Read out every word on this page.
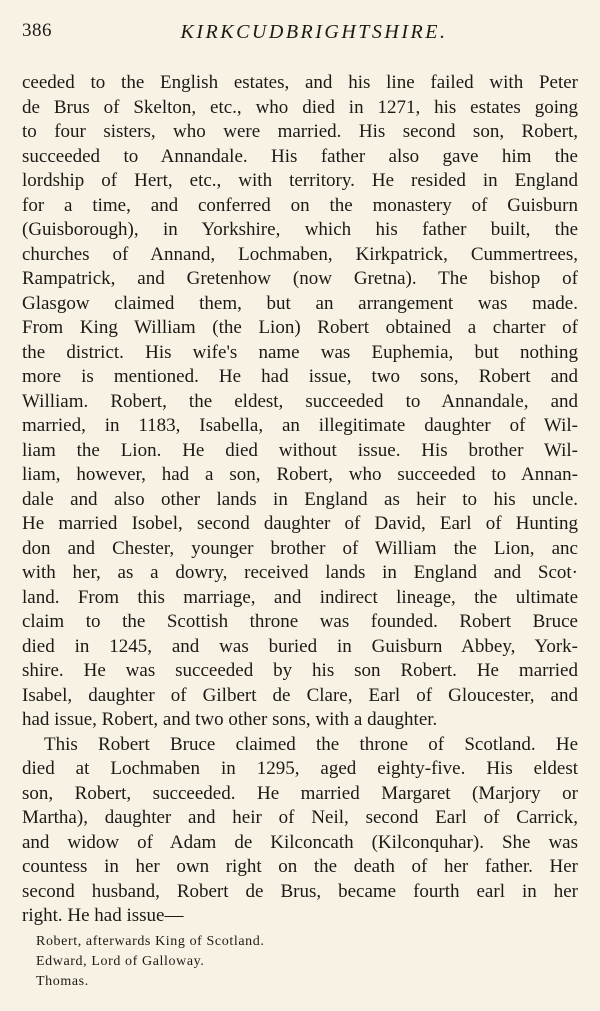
386	KIRKCUDBRIGHTSHIRE.
ceeded to the English estates, and his line failed with Peter
de Brus of Skelton, etc., who died in 1271, his estates going
to four sisters, who were married. His second son, Robert,
succeeded to Annandale. His father also gave him the
lordship of Hert, etc., with territory. He resided in England
for a time, and conferred on the monastery of Guisburn
(Guisborough), in Yorkshire, which his father built, the
churches of Annand, Lochmaben, Kirkpatrick, Cummertrees,
Rampatrick, and Gretenhow (now Gretna). The bishop of
Glasgow claimed them, but an arrangement was made.
From King William (the Lion) Robert obtained a charter of
the district. His wife's name was Euphemia, but nothing
more is mentioned. He had issue, two sons, Robert and
William. Robert, the eldest, succeeded to Annandale, and
married, in 1183, Isabella, an illegitimate daughter of Wil-
liam the Lion. He died without issue. His brother Wil-
liam, however, had a son, Robert, who succeeded to Annan-
dale and also other lands in England as heir to his uncle.
He married Isobel, second daughter of David, Earl of Hunting
don and Chester, younger brother of William the Lion, anc
with her, as a dowry, received lands in England and Scot·
land. From this marriage, and indirect lineage, the ultimate
claim to the Scottish throne was founded. Robert Bruce
died in 1245, and was buried in Guisburn Abbey, York-
shire. He was succeeded by his son Robert. He married
Isabel, daughter of Gilbert de Clare, Earl of Gloucester, and
had issue, Robert, and two other sons, with a daughter.
This Robert Bruce claimed the throne of Scotland. He
died at Lochmaben in 1295, aged eighty-five. His eldest
son, Robert, succeeded. He married Margaret (Marjory or
Martha), daughter and heir of Neil, second Earl of Carrick,
and widow of Adam de Kilconcath (Kilconquhar). She was
countess in her own right on the death of her father. Her
second husband, Robert de Brus, became fourth earl in her
right. He had issue—
Robert, afterwards King of Scotland.
Edward, Lord of Galloway.
Thomas.
